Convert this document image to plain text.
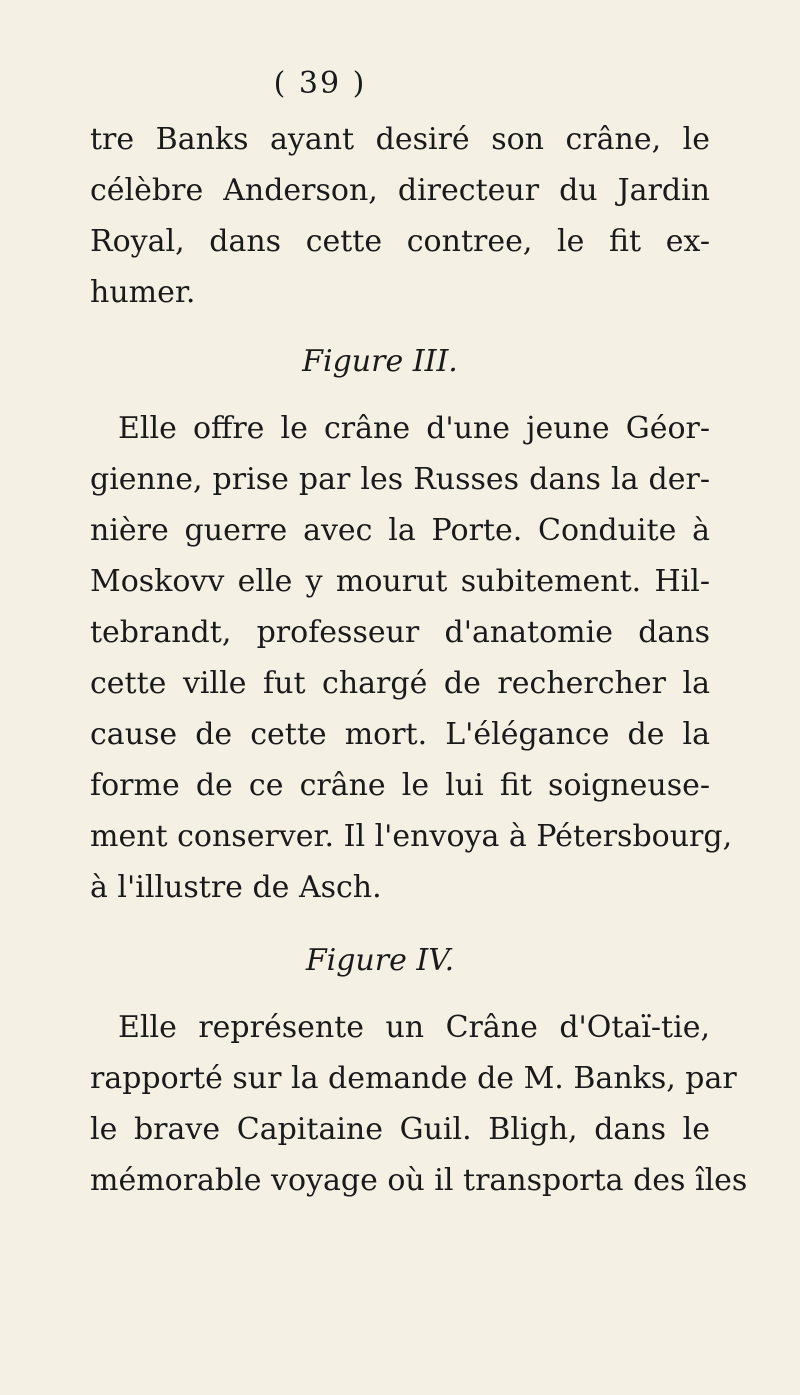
( 39 )
tre Banks ayant desiré son crâne, le
célèbre Anderson, directeur du Jardin
Royal, dans cette contree, le fit ex-
humer.
Figure III.
Elle offre le crâne d'une jeune Géor-
gienne, prise par les Russes dans la der-
nière guerre avec la Porte. Conduite à
Moskovv elle y mourut subitement. Hil-
tebrandt, professeur d'anatomie dans
cette ville fut chargé de rechercher la
cause de cette mort. L'élégance de la
forme de ce crâne le lui fit soigneuse-
ment conserver. Il l'envoya à Pétersbourg,
à l'illustre de Asch.
Figure IV.
Elle représente un Crâne d'Otaï-tie,
rapporté sur la demande de M. Banks, par
le brave Capitaine Guil. Bligh, dans le
mémorable voyage où il transporta des îles
